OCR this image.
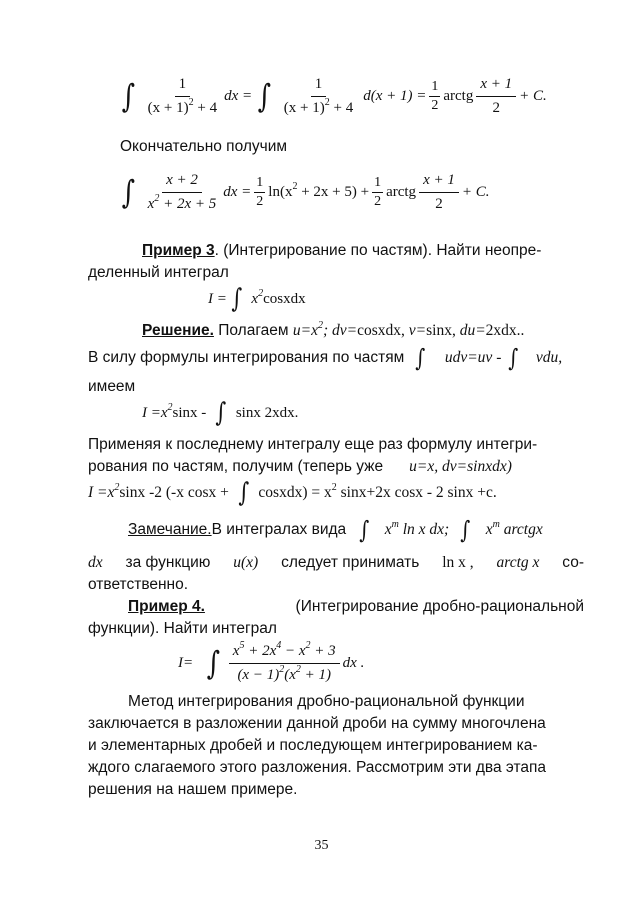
∫ $\frac{1}{(x + 1)^2 + 4}$ dx = ∫ $\frac{1}{(x + 1)^2 + 4} d(x + 1) = \frac{1}{2}$ arctg $\frac{x + 1}{2} + C$.
Окончательно получим
∫ $\frac{x + 2}{x^2 + 2x + 5}$ dx = $\frac{1}{2} \ln(x^2 + 2x + 5) + \frac{1}{2}$ arctg $\frac{x + 1}{2} + C$.
Пример 3. (Интегрирование по частям). Найти неопре-
деленный интеграл
I = ∫ $x^2$ cosxdx
Решение. Полагаем $u=x^2$; dv=cosxdx, v=sinx, du=2xdx..
В силу формулы интегрирования по частям ∫ udv=uv - ∫ vdu,
имеем
$I =x^2$ sinx - ∫ sinx 2xdx.
Применяя к последнему интегралу еще раз формулу интегри-
рования по частям, получим (теперь уже u=x, dv=sinxdx)
$I =x^2$ sinx -2 (-x cosx + ∫ cosxdx) = $x^2$ sinx+2x cosx - 2 sinx +c.
Замечание. В интегралах вида ∫ $x^m$ ln x dx; ∫ $x^m$ arctgx
dx за функцию u(x) следует принимать ln x , arctg x со-
ответственно.
Пример 4.	(Интегрирование дробно-рациональной
функции). Найти интеграл
I= ∫ $\frac{x^5 + 2x^4 - x^2 + 3}{(x - 1)^2(x^2 + 1)}$ dx .
Метод интегрирования дробно-рациональной функции
заключается в разложении данной дроби на сумму многочлена
и элементарных дробей и последующем интегрированием ка-
ждого слагаемого этого разложения. Рассмотрим эти два этапа
решения на нашем примере.
35
